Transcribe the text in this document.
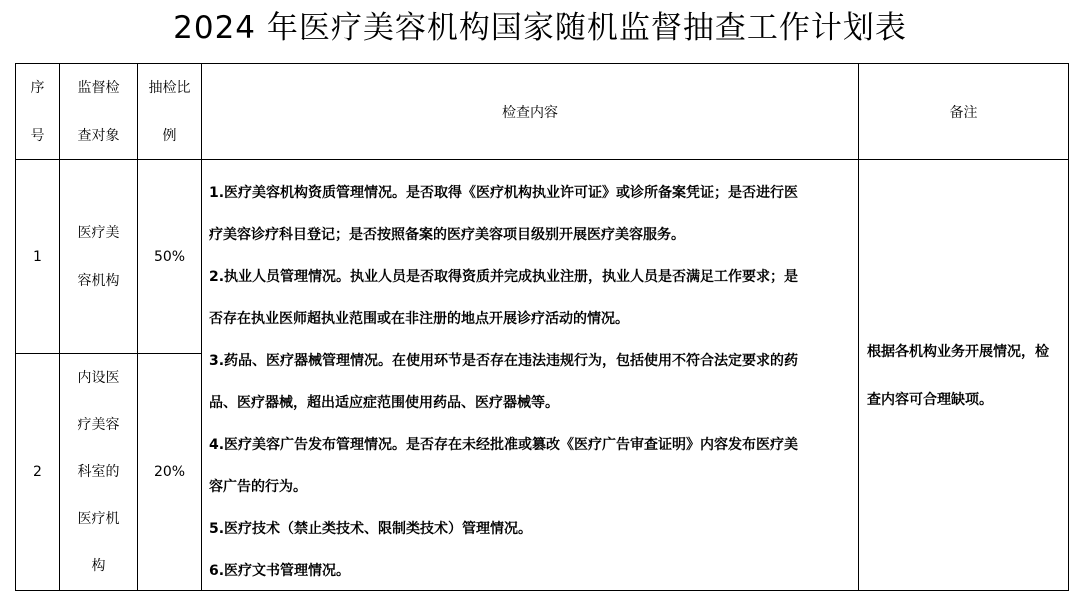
2024 年医疗美容机构国家随机监督抽查工作计划表
序
号
监督检
查对象
抽检比
例
检查内容	备注
1
医疗美
容机构
50%
2
内设医
疗美容
科室的
医疗机
构
20%
1.医疗美容机构资质管理情况。是否取得《医疗机构执业许可证》或诊所备案凭证；是否进行医
疗美容诊疗科目登记；是否按照备案的医疗美容项目级别开展医疗美容服务。
2.执业人员管理情况。执业人员是否取得资质并完成执业注册，执业人员是否满足工作要求；是
否存在执业医师超执业范围或在非注册的地点开展诊疗活动的情况。
3.药品、医疗器械管理情况。在使用环节是否存在违法违规行为，包括使用不符合法定要求的药
品、医疗器械，超出适应症范围使用药品、医疗器械等。
4.医疗美容广告发布管理情况。是否存在未经批准或篡改《医疗广告审查证明》内容发布医疗美
容广告的行为。
5.医疗技术（禁止类技术、限制类技术）管理情况。
6.医疗文书管理情况。
根据各机构业务开展情况，检
查内容可合理缺项。
